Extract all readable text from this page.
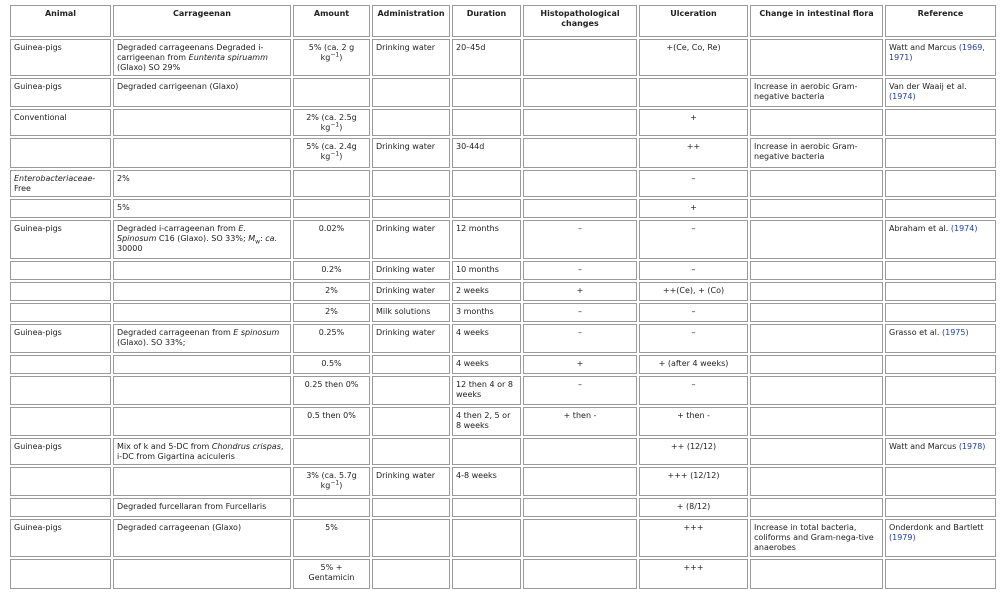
Animal	Carrageenan	Amount	Administration	Duration	Histopathological changes	Ulceration	Change in intestinal flora	Reference
Guinea-pigs	Degraded carrageenans Degraded i-carrigeenan from Euntenta spiruamm (Glaxo) SO 29%	5% (ca. 2 g $kg^{-1}$)	Drinking water	20–45d		+(Ce, Co, Re)		Watt and Marcus (1969, 1971)
Guinea-pigs	Degraded carrigeenan (Glaxo)						Increase in aerobic Gram-negative bacteria	Van der Waaij et al. (1974)
Conventional		2% (ca. 2.5g $kg^{-1}$)				+		
		5% (ca. 2.4g $kg^{-1}$)	Drinking water	30-44d		++	Increase in aerobic Gram-negative bacteria	
Enterobacteriaceae-Free	2%					–		
	5%					+		
Guinea-pigs	Degraded i-carrageenan from E. Spinosum C16 (Glaxo). SO 33%; $M_w$: ca. 30000	0.02%	Drinking water	12 months	–	–		Abraham et al. (1974)
		0.2%	Drinking water	10 months	–	–		
		2%	Drinking water	2 weeks	+	++(Ce), + (Co)		
		2%	Milk solutions	3 months	–	–		
Guinea-pigs	Degraded carrageenan from E spinosum (Glaxo). SO 33%;	0.25%	Drinking water	4 weeks	–	–		Grasso et al. (1975)
		0.5%		4 weeks	+	+ (after 4 weeks)		
		0.25 then 0%		12 then 4 or 8 weeks	–	–		
		0.5 then 0%		4 then 2, 5 or 8 weeks	+ then -	+ then -		
Guinea-pigs	Mix of k and 5-DC from Chondrus crispas, i-DC from Gigartina aciculeris					++ (12/12)		Watt and Marcus (1978)
		3% (ca. 5.7g $kg^{-1}$)	Drinking water	4-8 weeks		+++ (12/12)		
	Degraded furcellaran from Furcellaris					+ (8/12)		
Guinea-pigs	Degraded carrageenan (Glaxo)	5%				+++	Increase in total bacteria, coliforms and Gram-nega-tive anaerobes	Onderdonk and Bartlett (1979)
		5% + Gentamicin				+++		
